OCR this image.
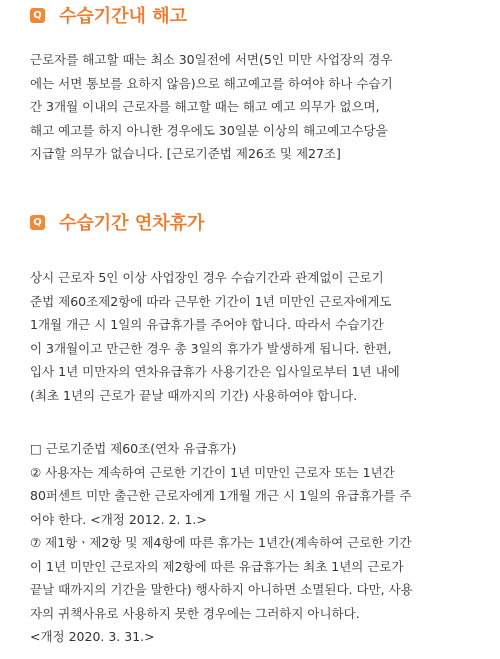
Q 수습기간내 해고
근로자를 해고할 때는 최소 30일전에 서면(5인 미만 사업장의 경우
에는 서면 통보를 요하지 않음)으로 해고예고를 하여야 하나 수습기
간 3개월 이내의 근로자를 해고할 때는 해고 예고 의무가 없으며,
해고 예고를 하지 아니한 경우에도 30일분 이상의 해고예고수당을
지급할 의무가 없습니다. [근로기준법 제26조 및 제27조]
Q 수습기간 연차휴가
상시 근로자 5인 이상 사업장인 경우 수습기간과 관계없이 근로기
준법 제60조제2항에 따라 근무한 기간이 1년 미만인 근로자에게도
1개월 개근 시 1일의 유급휴가를 주어야 합니다. 따라서 수습기간
이 3개월이고 만근한 경우 총 3일의 휴가가 발생하게 됩니다. 한편,
입사 1년 미만자의 연차유급휴가 사용기간은 입사일로부터 1년 내에
(최초 1년의 근로가 끝날 때까지의 기간) 사용하여야 합니다.
□ 근로기준법 제60조(연차 유급휴가)
② 사용자는 계속하여 근로한 기간이 1년 미만인 근로자 또는 1년간
80퍼센트 미만 출근한 근로자에게 1개월 개근 시 1일의 유급휴가를 주
어야 한다. <개정 2012. 2. 1.>
⑦ 제1항ㆍ제2항 및 제4항에 따른 휴가는 1년간(계속하여 근로한 기간
이 1년 미만인 근로자의 제2항에 따른 유급휴가는 최초 1년의 근로가
끝날 때까지의 기간을 말한다) 행사하지 아니하면 소멸된다. 다만, 사용
자의 귀책사유로 사용하지 못한 경우에는 그러하지 아니하다.
<개정 2020. 3. 31.>
